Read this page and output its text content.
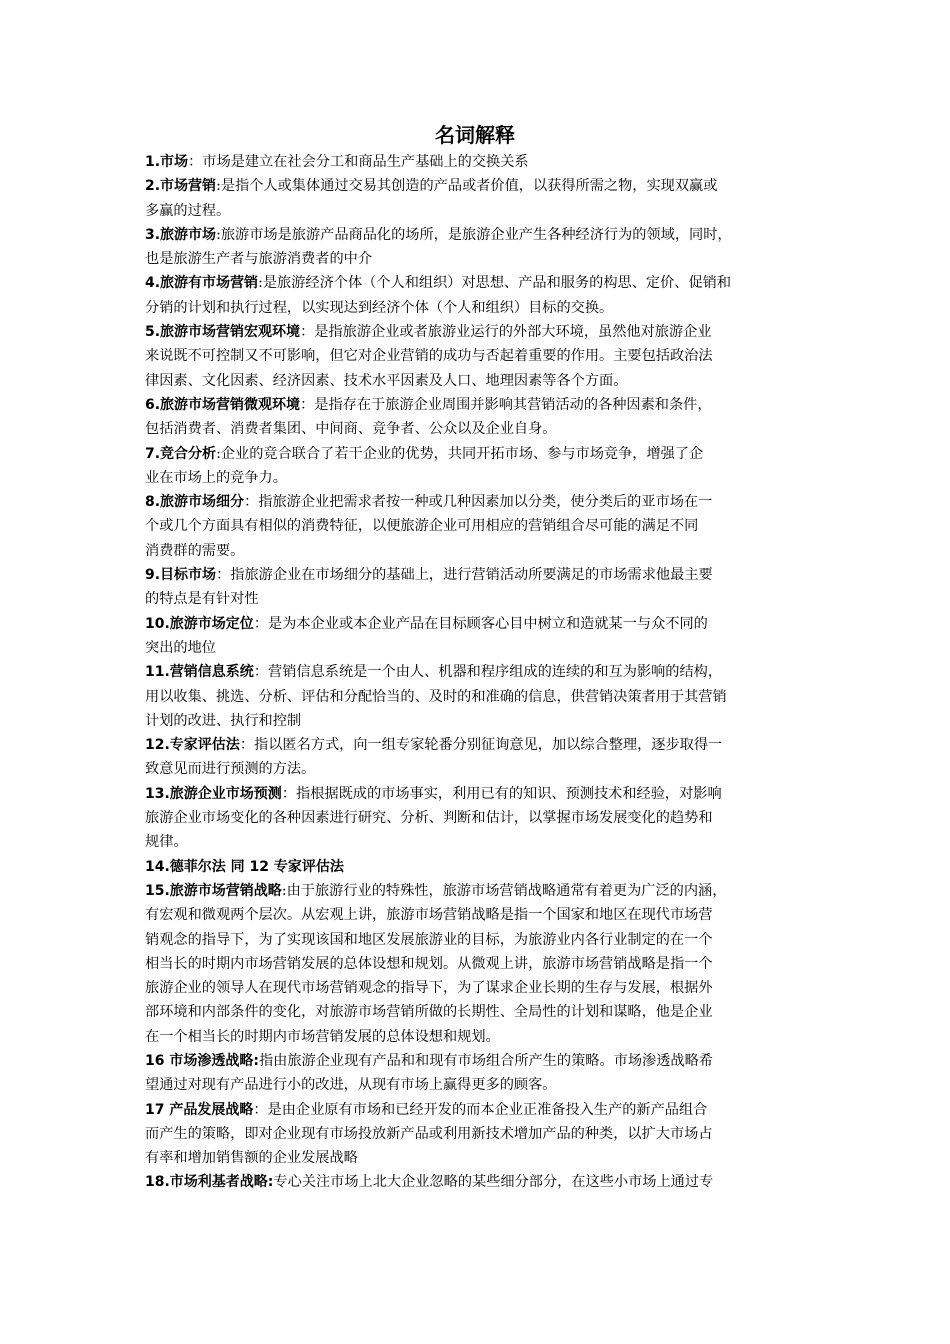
名词解释

1.市场：市场是建立在社会分工和商品生产基础上的交换关系

2.市场营销:是指个人或集体通过交易其创造的产品或者价值，以获得所需之物，实现双赢或
多赢的过程。

3.旅游市场:旅游市场是旅游产品商品化的场所，是旅游企业产生各种经济行为的领域，同时，
也是旅游生产者与旅游消费者的中介

4.旅游有市场营销:是旅游经济个体（个人和组织）对思想、产品和服务的构思、定价、促销和
分销的计划和执行过程，以实现达到经济个体（个人和组织）目标的交换。

5.旅游市场营销宏观环境：是指旅游企业或者旅游业运行的外部大环境，虽然他对旅游企业
来说既不可控制又不可影响，但它对企业营销的成功与否起着重要的作用。主要包括政治法
律因素、文化因素、经济因素、技术水平因素及人口、地理因素等各个方面。

6.旅游市场营销微观环境：是指存在于旅游企业周围并影响其营销活动的各种因素和条件，
包括消费者、消费者集团、中间商、竞争者、公众以及企业自身。

7.竞合分析:企业的竞合联合了若干企业的优势，共同开拓市场、参与市场竞争，增强了企
业在市场上的竞争力。

8.旅游市场细分：指旅游企业把需求者按一种或几种因素加以分类，使分类后的亚市场在一
个或几个方面具有相似的消费特征，以便旅游企业可用相应的营销组合尽可能的满足不同
消费群的需要。

9.目标市场：指旅游企业在市场细分的基础上，进行营销活动所要满足的市场需求他最主要
的特点是有针对性

10.旅游市场定位：是为本企业或本企业产品在目标顾客心目中树立和造就某一与众不同的
突出的地位

11.营销信息系统：营销信息系统是一个由人、机器和程序组成的连续的和互为影响的结构，
用以收集、挑选、分析、评估和分配恰当的、及时的和准确的信息，供营销决策者用于其营销
计划的改进、执行和控制

12.专家评估法：指以匿名方式，向一组专家轮番分别征询意见，加以综合整理，逐步取得一
致意见而进行预测的方法。

13.旅游企业市场预测：指根据既成的市场事实，利用已有的知识、预测技术和经验，对影响
旅游企业市场变化的各种因素进行研究、分析、判断和估计，以掌握市场发展变化的趋势和
规律。

14.德菲尔法 同 12 专家评估法

15.旅游市场营销战略:由于旅游行业的特殊性，旅游市场营销战略通常有着更为广泛的内涵，
有宏观和微观两个层次。从宏观上讲，旅游市场营销战略是指一个国家和地区在现代市场营
销观念的指导下，为了实现该国和地区发展旅游业的目标，为旅游业内各行业制定的在一个
相当长的时期内市场营销发展的总体设想和规划。从微观上讲，旅游市场营销战略是指一个
旅游企业的领导人在现代市场营销观念的指导下，为了谋求企业长期的生存与发展，根据外
部环境和内部条件的变化，对旅游市场营销所做的长期性、全局性的计划和谋略，他是企业
在一个相当长的时期内市场营销发展的总体设想和规划。

16 市场渗透战略:指由旅游企业现有产品和和现有市场组合所产生的策略。市场渗透战略希
望通过对现有产品进行小的改进，从现有市场上赢得更多的顾客。

17 产品发展战略：是由企业原有市场和已经开发的而本企业正准备投入生产的新产品组合
而产生的策略，即对企业现有市场投放新产品或利用新技术增加产品的种类，以扩大市场占
有率和增加销售额的企业发展战略

18.市场利基者战略:专心关注市场上北大企业忽略的某些细分部分，在这些小市场上通过专
